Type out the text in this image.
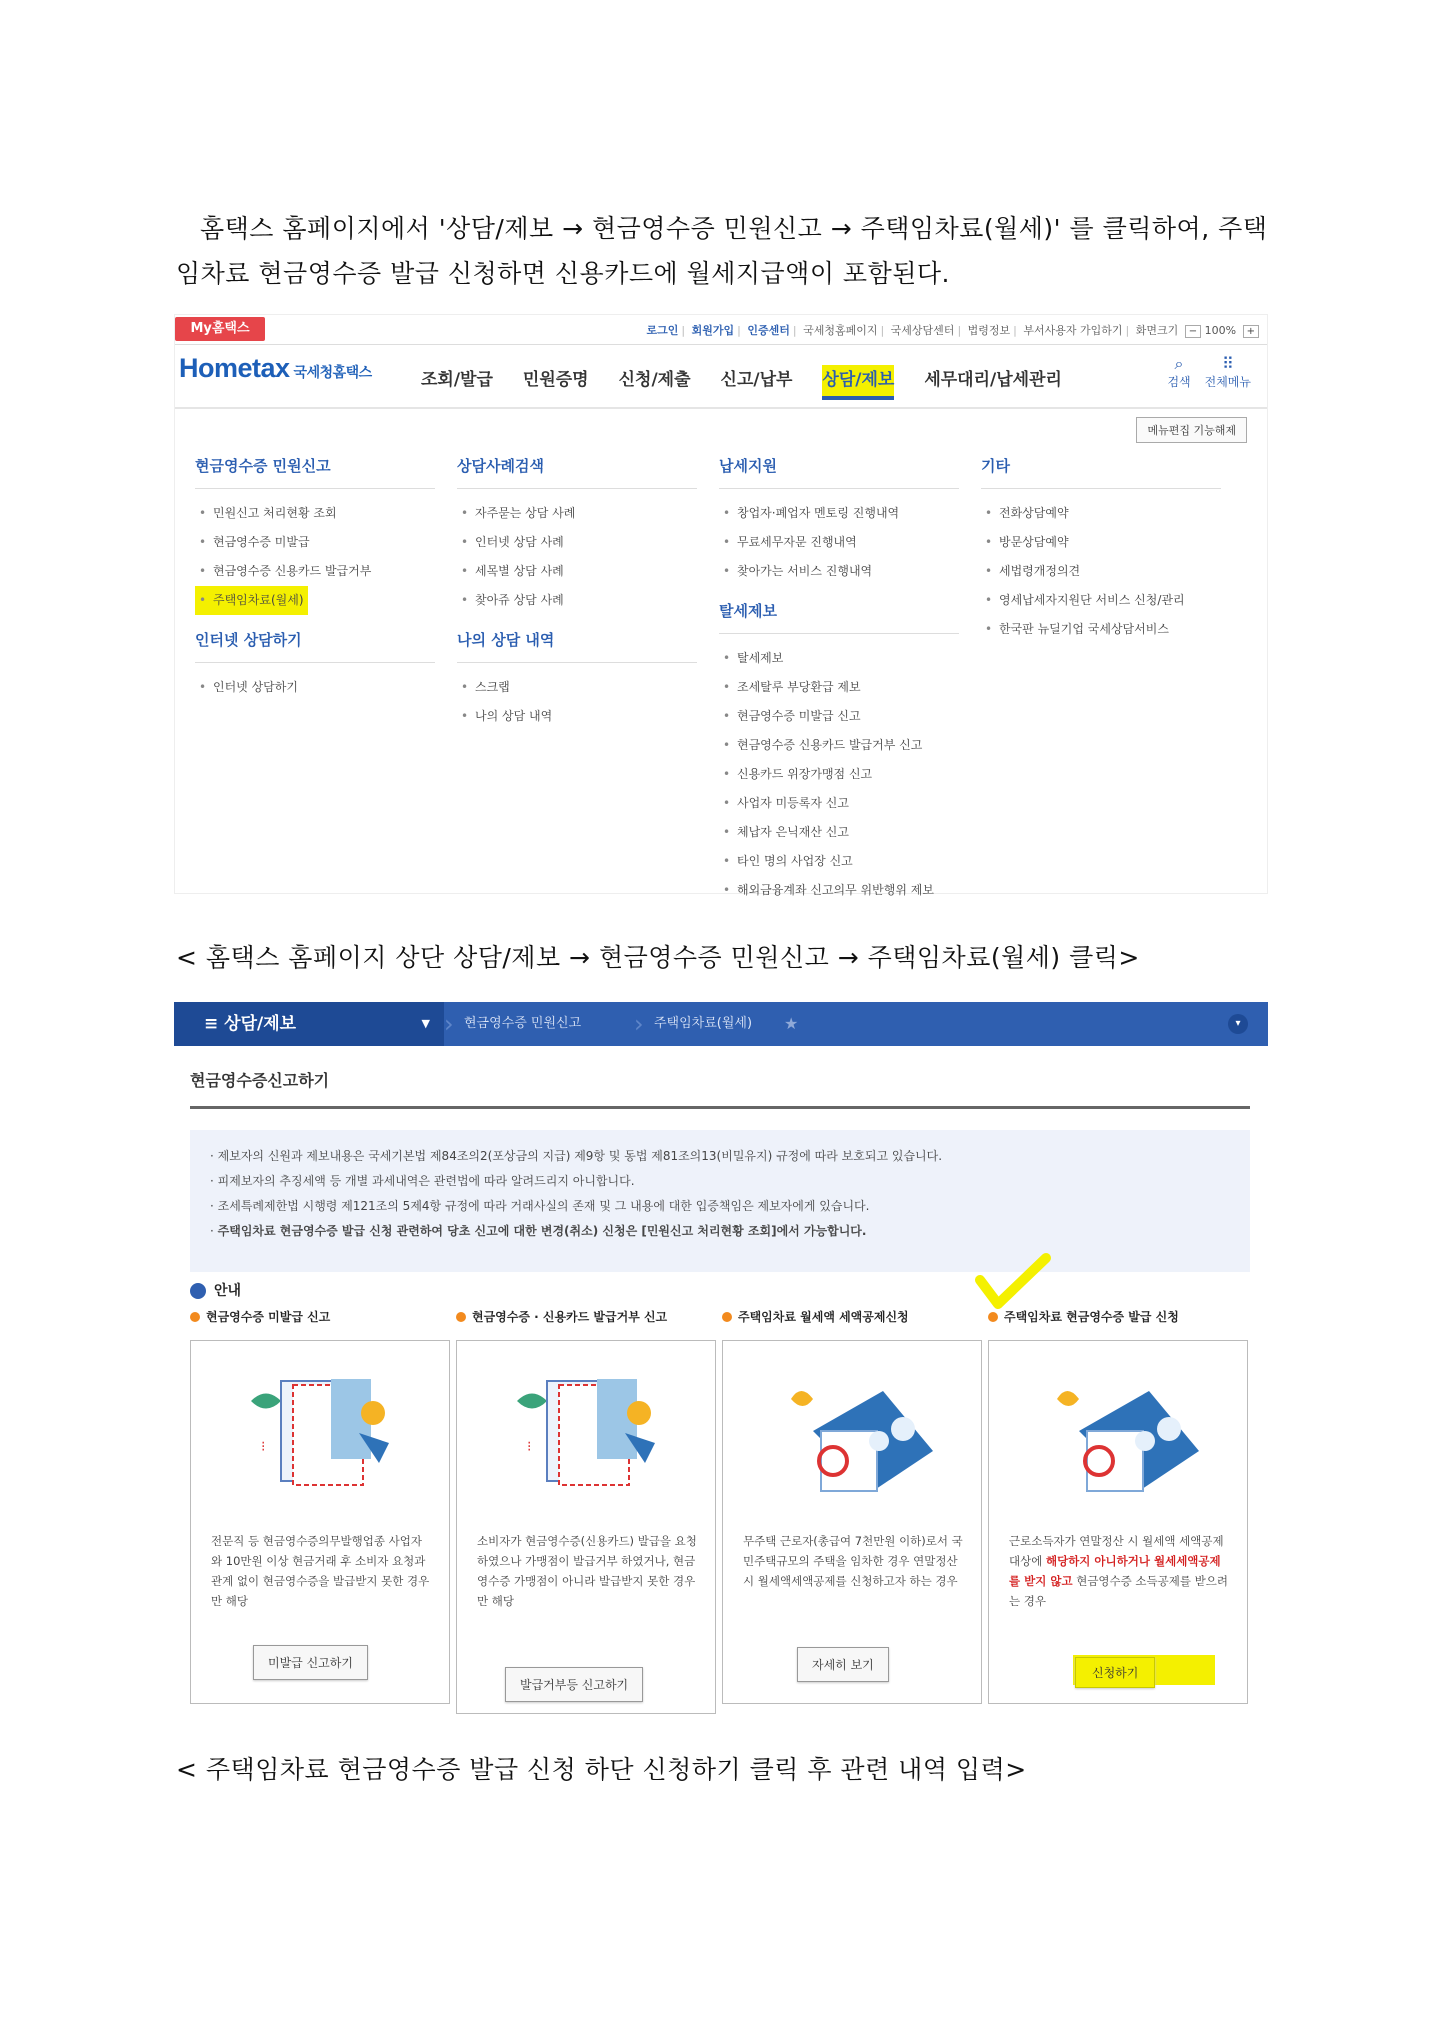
홈택스 홈페이지에서 '상담/제보 → 현금영수증 민원신고 → 주택임차료(월세)' 를 클릭하여, 주택임차료 현금영수증 발급 신청하면 신용카드에 월세지급액이 포함된다.
My홈택스	로그인 | 회원가입 | 인증센터 | 국세청홈페이지 | 국세상담센터 | 법령정보 | 부서사용자 가입하기 | 화면크기 − 100% +
Hometax 국세청홈택스	조회/발급 민원증명 신청/제출 신고/납부 상담/제보 세무대리/납세관리
⌕
검색
⠿
전체메뉴
메뉴편집 기능해제
현금영수증 민원신고
• 민원신고 처리현황 조회
• 현금영수증 미발급
• 현금영수증 신용카드 발급거부
• 주택임차료(월세)
인터넷 상담하기
• 인터넷 상담하기
상담사례검색
• 자주묻는 상담 사례
• 인터넷 상담 사례
• 세목별 상담 사례
• 찾아쥬 상담 사례
나의 상담 내역
• 스크랩
• 나의 상담 내역
납세지원
• 창업자·폐업자 멘토링 진행내역
• 무료세무자문 진행내역
• 찾아가는 서비스 진행내역
탈세제보
• 탈세제보
• 조세탈루 부당환급 제보
• 현금영수증 미발급 신고
• 현금영수증 신용카드 발급거부 신고
• 신용카드 위장가맹점 신고
• 사업자 미등록자 신고
• 체납자 은닉재산 신고
• 타인 명의 사업장 신고
• 해외금융계좌 신고의무 위반행위 제보
기타
• 전화상담예약
• 방문상담예약
• 세법령개정의견
• 영세납세자지원단 서비스 신청/관리
• 한국판 뉴딜기업 국세상담서비스
< 홈택스 홈페이지 상단 상담/제보 → 현금영수증 민원신고 → 주택임차료(월세) 클릭>
≡ 상담/제보	▼ › 현금영수증 민원신고 › 주택임차료(월세) ★	▾
현금영수증신고하기

· 제보자의 신원과 제보내용은 국세기본법 제84조의2(포상금의 지급) 제9항 및 동법 제81조의13(비밀유지) 규정에 따라 보호되고 있습니다.

· 피제보자의 추징세액 등 개별 과세내역은 관련법에 따라 알려드리지 아니합니다.

· 조세특례제한법 시행령 제121조의 5제4항 규정에 따라 거래사실의 존재 및 그 내용에 대한 입증책임은 제보자에게 있습니다.

· 주택임차료 현금영수증 발급 신청 관련하여 당초 신고에 대한 변경(취소) 신청은 [민원신고 처리현황 조회]에서 가능합니다.

안내
현금영수증 미발급 신고
⁝
전문직 등 현금영수증의무발행업종 사업자와 10만원 이상 현금거래 후 소비자 요청과 관계 없이 현금영수증을 발급받지 못한 경우만 해당
미발급 신고하기
현금영수증 · 신용카드 발급거부 신고
⁝
소비자가 현금영수증(신용카드) 발급을 요청하였으나 가맹점이 발급거부 하였거나, 현금영수증 가맹점이 아니라 발급받지 못한 경우만 해당
발급거부등 신고하기
주택임차료 월세액 세액공제신청
무주택 근로자(총급여 7천만원 이하)로서 국민주택규모의 주택을 임차한 경우 연말정산시 월세액세액공제를 신청하고자 하는 경우
자세히 보기
주택임차료 현금영수증 발급 신청
근로소득자가 연말정산 시 월세액 세액공제 대상에 해당하지 아니하거나 월세세액공제를 받지 않고 현금영수증 소득공제를 받으려는 경우
신청하기
< 주택임차료 현금영수증 발급 신청 하단 신청하기 클릭 후 관련 내역 입력>
